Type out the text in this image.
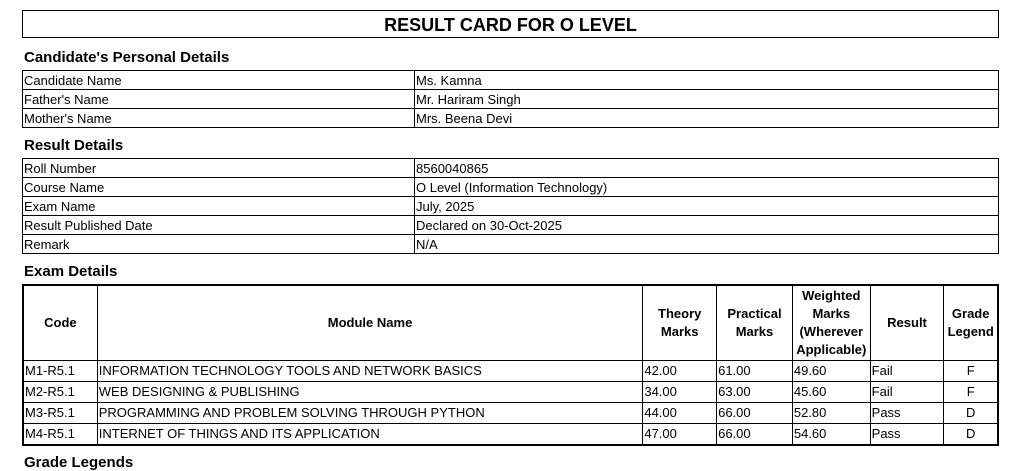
RESULT CARD FOR O LEVEL
Candidate's Personal Details
Candidate Name	Ms. Kamna
Father's Name	Mr. Hariram Singh
Mother's Name	Mrs. Beena Devi
Result Details
Roll Number	8560040865
Course Name	O Level (Information Technology)
Exam Name	July, 2025
Result Published Date	Declared on 30-Oct-2025
Remark	N/A
Exam Details
Code	Module Name	Theory Marks	Practical Marks	Weighted Marks (Wherever Applicable)	Result	Grade Legend
M1-R5.1	INFORMATION TECHNOLOGY TOOLS AND NETWORK BASICS	42.00	61.00	49.60	Fail	F
M2-R5.1	WEB DESIGNING & PUBLISHING	34.00	63.00	45.60	Fail	F
M3-R5.1	PROGRAMMING AND PROBLEM SOLVING THROUGH PYTHON	44.00	66.00	52.80	Pass	D
M4-R5.1	INTERNET OF THINGS AND ITS APPLICATION	47.00	66.00	54.60	Pass	D
Grade Legends
